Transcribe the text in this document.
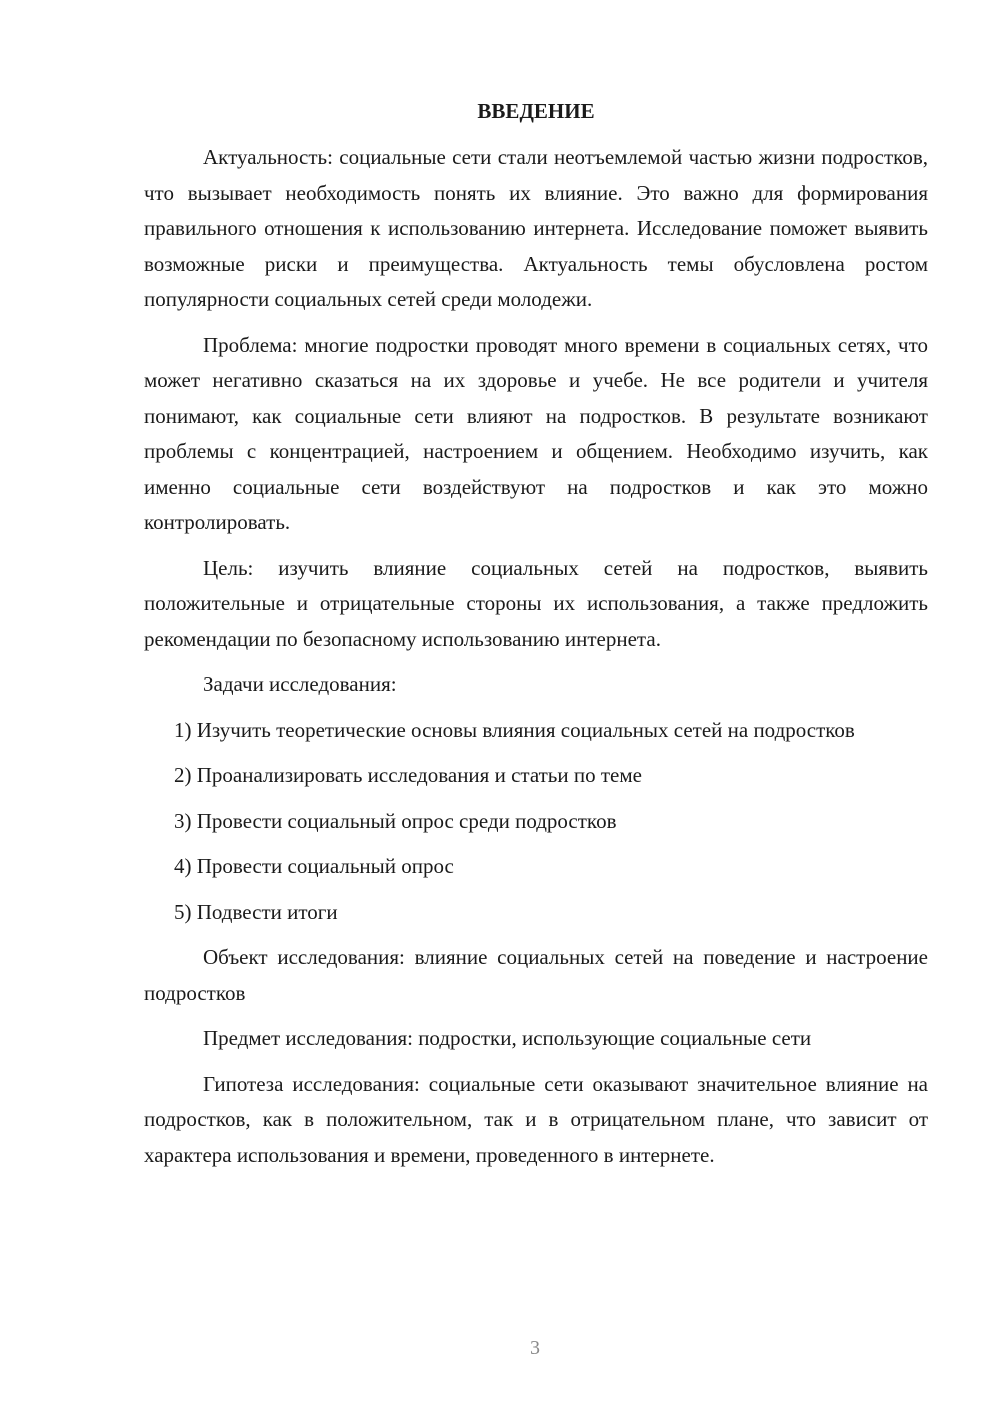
ВВЕДЕНИЕ

Актуальность: социальные сети стали неотъемлемой частью жизни подростков, что вызывает необходимость понять их влияние. Это важно для формирования правильного отношения к использованию интернета. Исследование поможет выявить возможные риски и преимущества. Актуальность темы обусловлена ростом популярности социальных сетей среди молодежи.

Проблема: многие подростки проводят много времени в социальных сетях, что может негативно сказаться на их здоровье и учебе. Не все родители и учителя понимают, как социальные сети влияют на подростков. В результате возникают проблемы с концентрацией, настроением и общением. Необходимо изучить, как именно социальные сети воздействуют на подростков и как это можно контролировать.

Цель: изучить влияние социальных сетей на подростков, выявить положительные и отрицательные стороны их использования, а также предложить рекомендации по безопасному использованию интернета.

Задачи исследования:

1) Изучить теоретические основы влияния социальных сетей на подростков

2) Проанализировать исследования и статьи по теме

3) Провести социальный опрос среди подростков

4) Провести социальный опрос

5) Подвести итоги

Объект исследования: влияние социальных сетей на поведение и настроение подростков

Предмет исследования: подростки, использующие социальные сети

Гипотеза исследования: социальные сети оказывают значительное влияние на подростков, как в положительном, так и в отрицательном плане, что зависит от характера использования и времени, проведенного в интернете.

3
